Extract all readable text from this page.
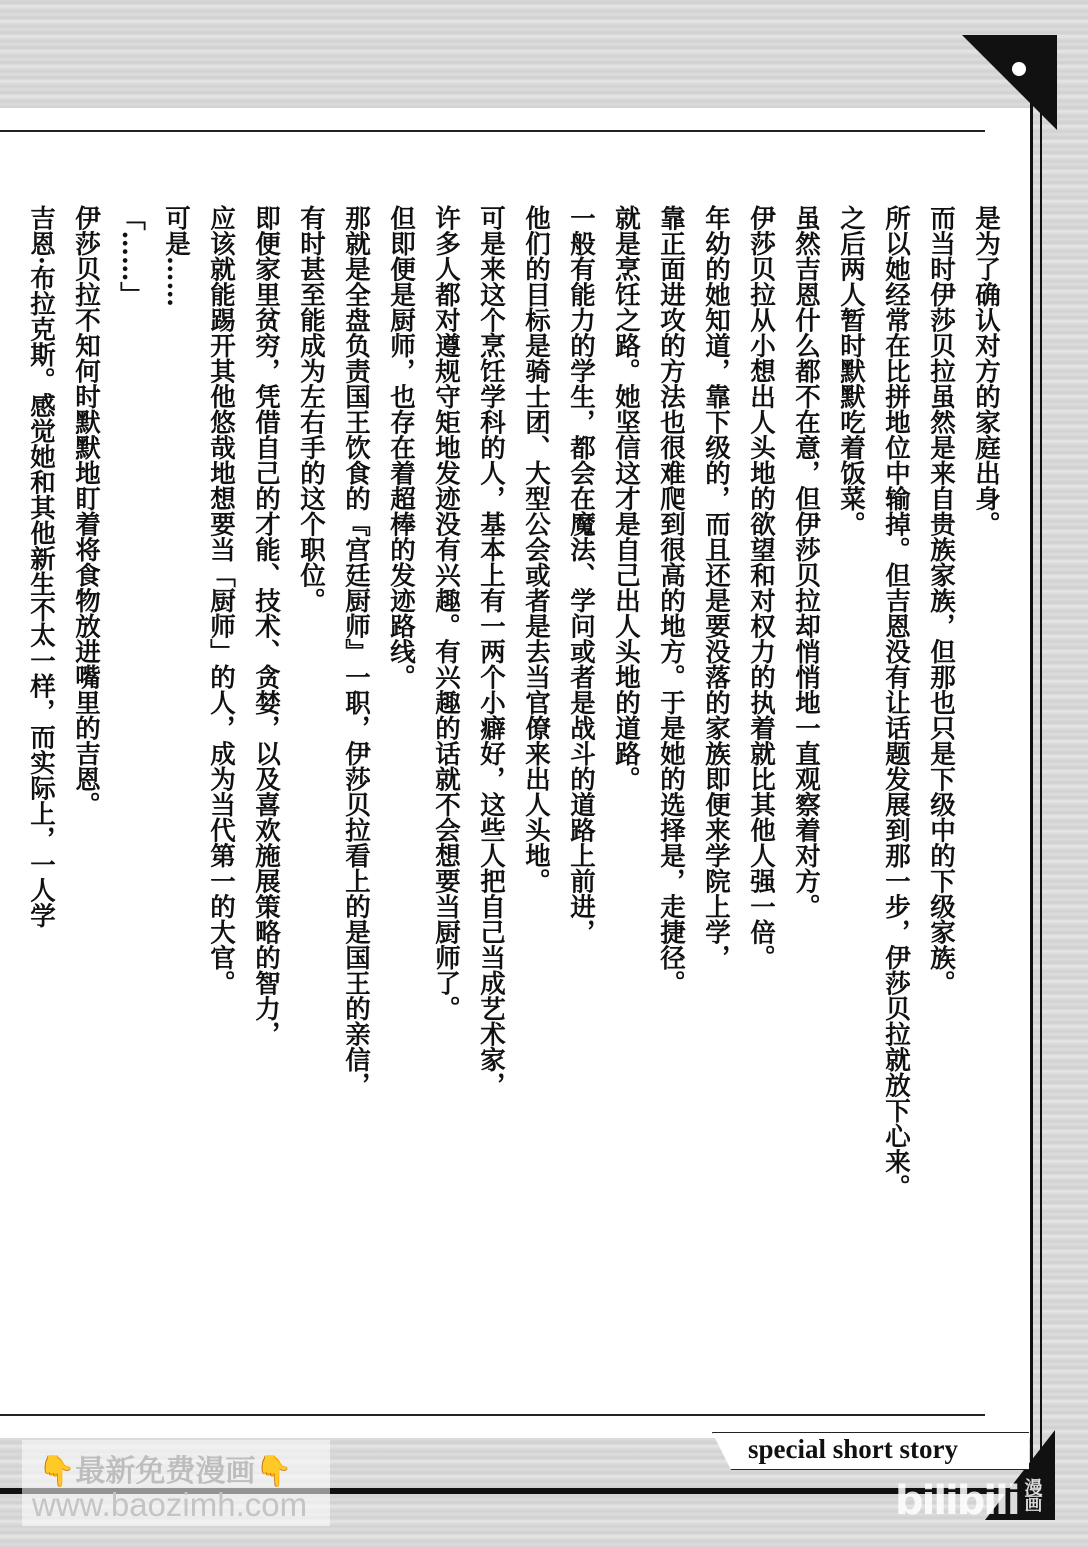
是为了确认对方的家庭出身。

而当时伊莎贝拉虽然是来自贵族家族，但那也只是下级中的下级家族。

所以她经常在比拼地位中输掉。但吉恩没有让话题发展到那一步，伊莎贝拉就放下心来。

之后两人暂时默默吃着饭菜。

虽然吉恩什么都不在意，但伊莎贝拉却悄悄地一直观察着对方。

伊莎贝拉从小想出人头地的欲望和对权力的执着就比其他人强一倍。

年幼的她知道，靠下级的，而且还是要没落的家族即便来学院上学，

靠正面进攻的方法也很难爬到很高的地方。于是她的选择是，走捷径。

就是烹饪之路。她坚信这才是自己出人头地的道路。

一般有能力的学生，都会在魔法、学问或者是战斗的道路上前进，

他们的目标是骑士团、大型公会或者是去当官僚来出人头地。

可是来这个烹饪学科的人，基本上有一两个小癖好，这些人把自己当成艺术家，

许多人都对遵规守矩地发迹没有兴趣。有兴趣的话就不会想要当厨师了。

但即便是厨师，也存在着超棒的发迹路线。

那就是全盘负责国王饮食的『宫廷厨师』一职，伊莎贝拉看上的是国王的亲信，

有时甚至能成为左右手的这个职位。

即便家里贫穷，凭借自己的才能、技术、贪婪，以及喜欢施展策略的智力，

应该就能踢开其他悠哉地想要当「厨师」的人，成为当代第一的大官。

可是……

「……」

伊莎贝拉不知何时默默地盯着将食物放进嘴里的吉恩。

吉恩·布拉克斯。感觉她和其他新生不太一样，而实际上，一人学

special short story
👇最新免费漫画👇
www.baozimh.com	bilibili 漫画
